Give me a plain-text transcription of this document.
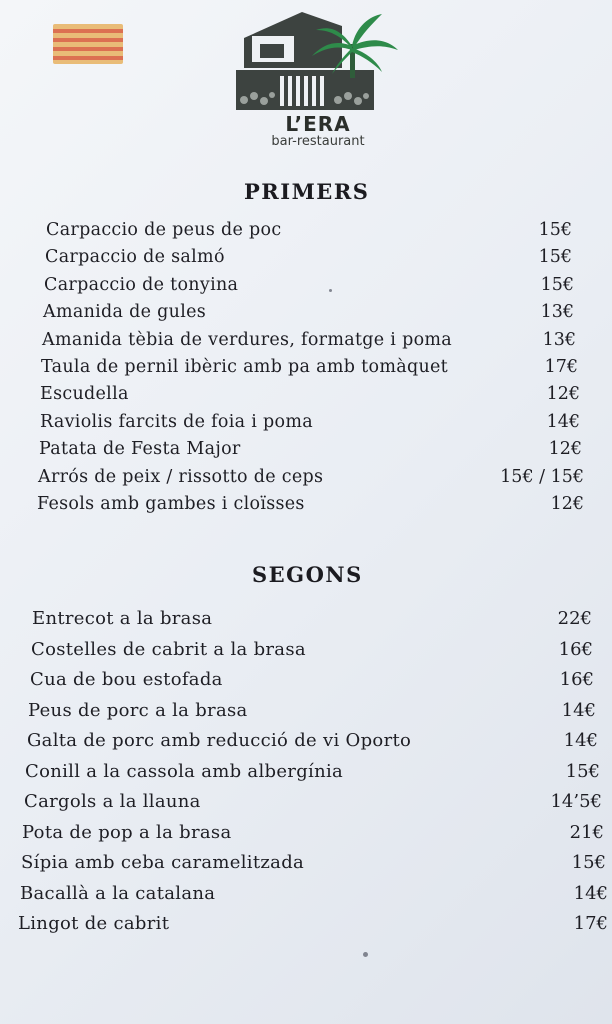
L’ERA
bar-restaurant
PRIMERS
Carpaccio de peus de poc	15€
Carpaccio de salmó	15€
Carpaccio de tonyina	15€
Amanida de gules	13€
Amanida tèbia de verdures, formatge i poma	13€
Taula de pernil ibèric amb pa amb tomàquet	17€
Escudella	12€
Raviolis farcits de foia i poma	14€
Patata de Festa Major	12€
Arrós de peix / rissotto de ceps	15€ / 15€
Fesols amb gambes i cloïsses	12€
SEGONS
Entrecot a la brasa	22€
Costelles de cabrit a la brasa	16€
Cua de bou estofada	16€
Peus de porc a la brasa	14€
Galta de porc amb reducció de vi Oporto	14€
Conill a la cassola amb albergínia	15€
Cargols a la llauna	14’5€
Pota de pop a la brasa	21€
Sípia amb ceba caramelitzada	15€
Bacallà a la catalana	14€
Lingot de cabrit	17€
